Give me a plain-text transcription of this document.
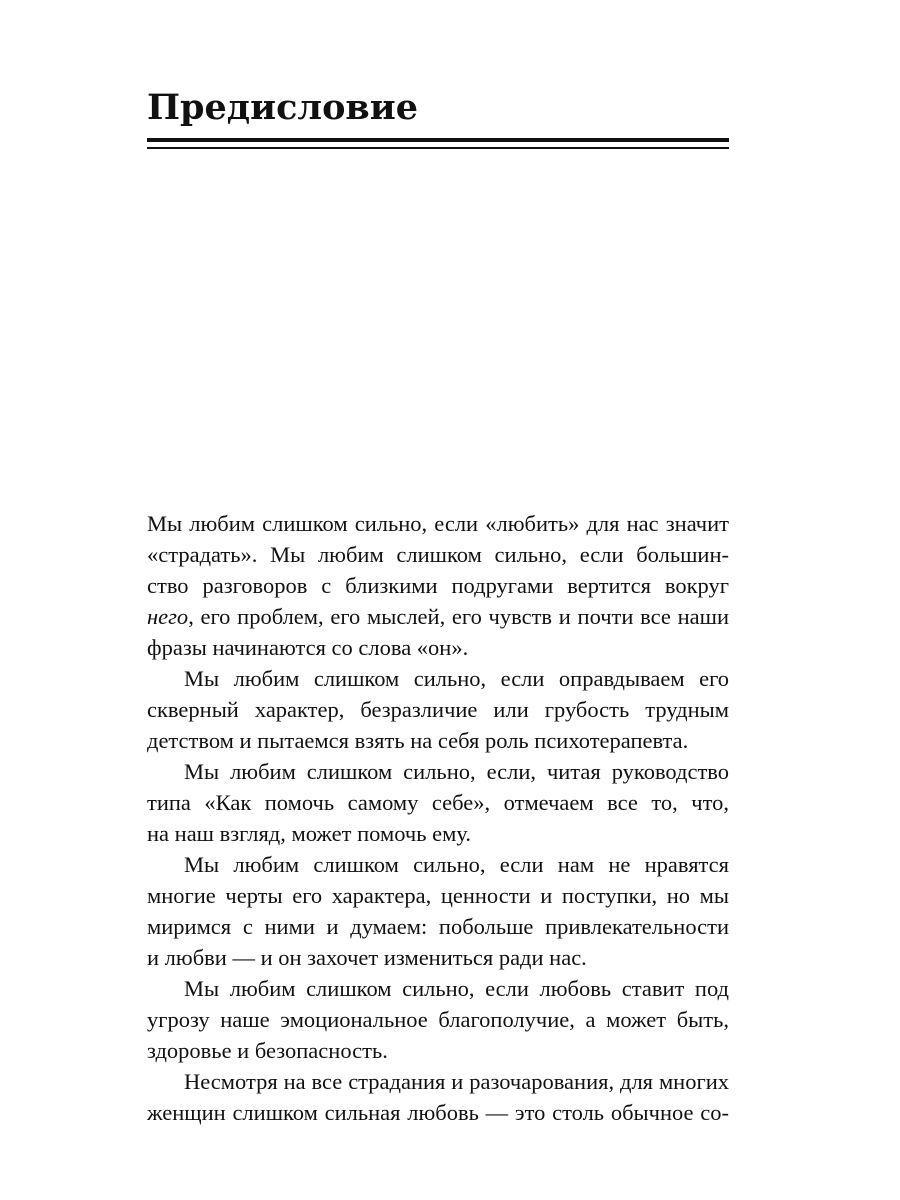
Предисловие
Мы любим слишком сильно, если «любить» для нас значит
«страдать». Мы любим слишком сильно, если большин-
ство разговоров с близкими подругами вертится вокруг
него, его проблем, его мыслей, его чувств и почти все наши
фразы начинаются со слова «он».
Мы любим слишком сильно, если оправдываем его
скверный характер, безразличие или грубость трудным
детством и пытаемся взять на себя роль психотерапевта.
Мы любим слишком сильно, если, читая руководство
типа «Как помочь самому себе», отмечаем все то, что,
на наш взгляд, может помочь ему.
Мы любим слишком сильно, если нам не нравятся
многие черты его характера, ценности и поступки, но мы
миримся с ними и думаем: побольше привлекательности
и любви — и он захочет измениться ради нас.
Мы любим слишком сильно, если любовь ставит под
угрозу наше эмоциональное благополучие, а может быть,
здоровье и безопасность.
Несмотря на все страдания и разочарования, для многих
женщин слишком сильная любовь — это столь обычное со-
